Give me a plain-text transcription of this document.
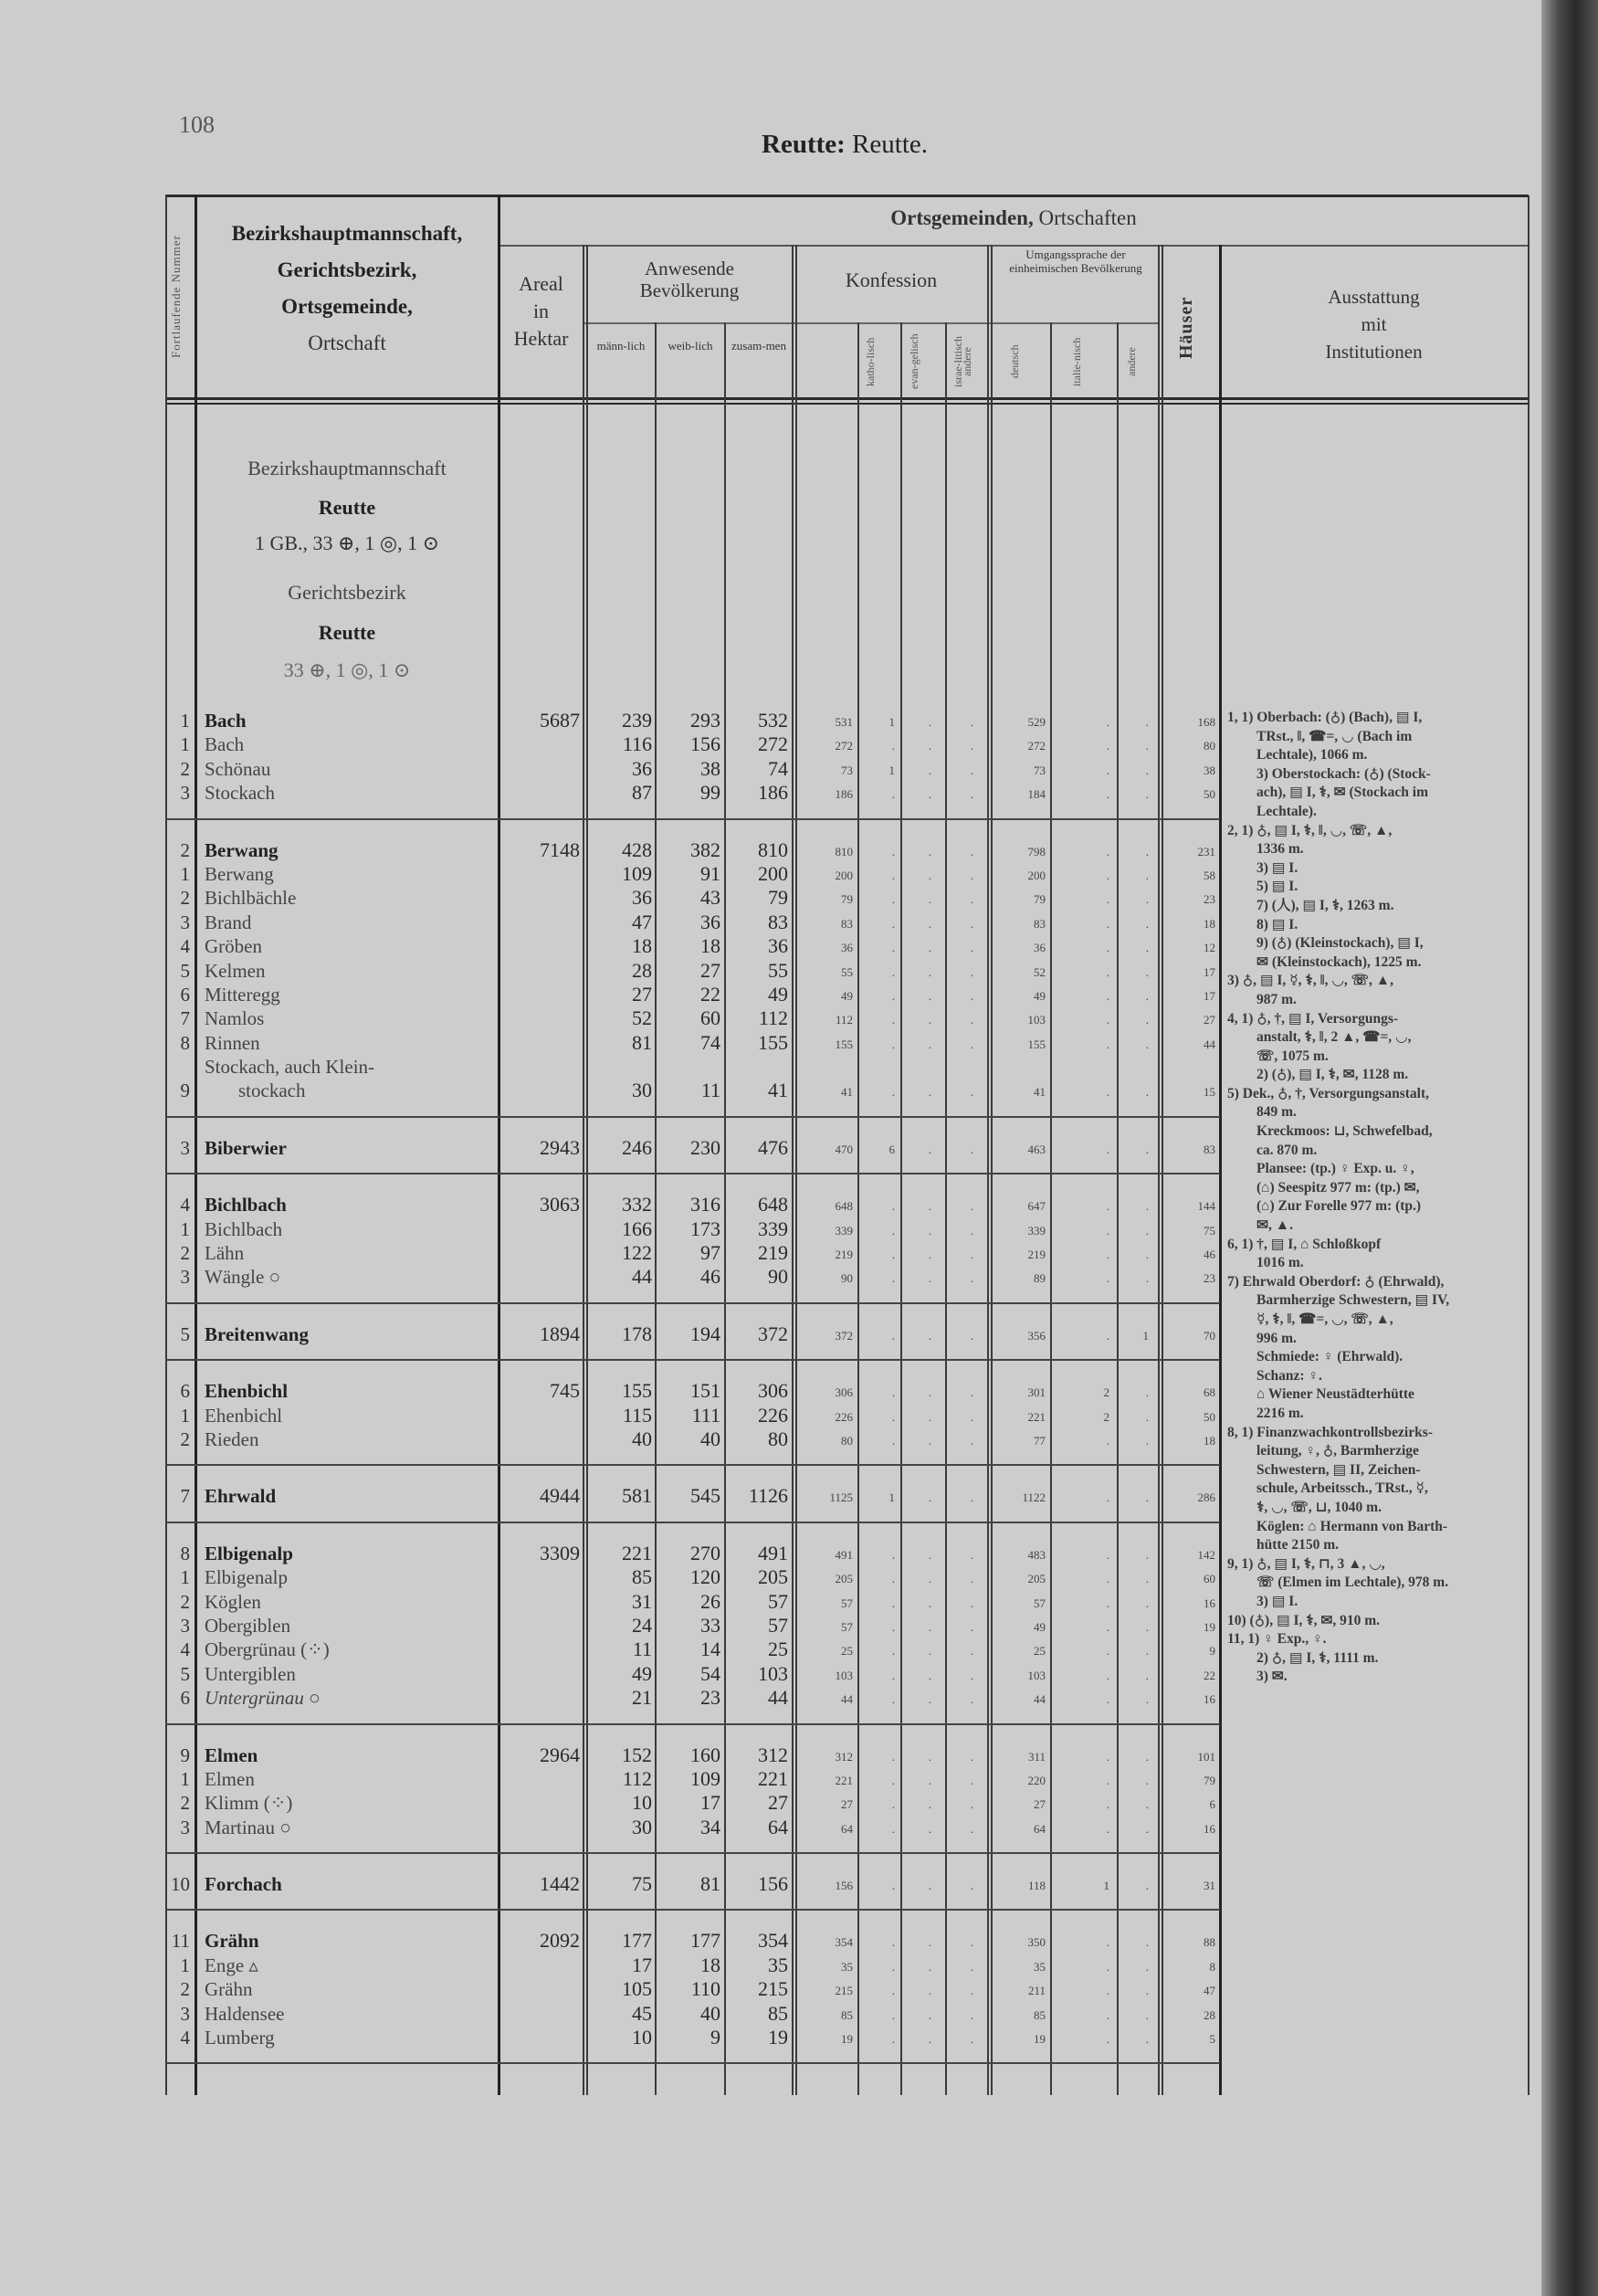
108
Reutte: Reutte.
Fortlaufende Nummer
Bezirkshauptmannschaft,
Gerichtsbezirk,
Ortsgemeinde,
Ortschaft
Ortsgemeinden, Ortschaften
Areal
in
Hektar
Anwesende Bevölkerung
männ-lich	weib-lich	zusam-men
Konfession
katho-lisch	evan-gelisch	israe-litisch
andere
Umgangssprache der einheimischen Bevölkerung
deutsch	italie-nisch	andere
Häuser	Ausstattung
mit
Institutionen
Bezirkshauptmannschaft
Reutte
1 GB., 33 ⊕, 1 ◎, 1 ⊙
Gerichtsbezirk
Reutte
33 ⊕, 1 ◎, 1 ⊙
1 Bach	5687	239	293	532	531	1	.	.	529	.	.	168
1 Bach	116	156	272	272	.	.	.	272	.	.	80
2 Schönau	36	38	74	73	1	.	.	73	.	.	38
3 Stockach	87	99	186	186	.	.	.	184	.	.	50
2 Berwang	7148	428	382	810	810	.	.	.	798	.	.	231
1 Berwang	109	91	200	200	.	.	.	200	.	.	58
2 Bichlbächle	36	43	79	79	.	.	.	79	.	.	23
3 Brand	47	36	83	83	.	.	.	83	.	.	18
4 Gröben	18	18	36	36	.	.	.	36	.	.	12
5 Kelmen	28	27	55	55	.	.	.	52	.	.	17
6 Mitteregg	27	22	49	49	.	.	.	49	.	.	17
7 Namlos	52	60	112	112	.	.	.	103	.	.	27
8 Rinnen	81	74	155	155	.	.	.	155	.	.	44
9
Stockach, auch Klein-
stockach	30	11	41	41	.	.	.	41	.	.	15
3 Biberwier	2943	246	230	476	470	6	.	.	463	.	.	83
4 Bichlbach	3063	332	316	648	648	.	.	.	647	.	.	144
1 Bichlbach	166	173	339	339	.	.	.	339	.	.	75
2 Lähn	122	97	219	219	.	.	.	219	.	.	46
3 Wängle ○	44	46	90	90	.	.	.	89	.	.	23
5 Breitenwang	1894	178	194	372	372	.	.	.	356	.	1	70
6 Ehenbichl	745	155	151	306	306	.	.	.	301	2	.	68
1 Ehenbichl	115	111	226	226	.	.	.	221	2	.	50
2 Rieden	40	40	80	80	.	.	.	77	.	.	18
7 Ehrwald	4944	581	545	1126	1125	1	.	.	1122	.	.	286
8 Elbigenalp	3309	221	270	491	491	.	.	.	483	.	.	142
1 Elbigenalp	85	120	205	205	.	.	.	205	.	.	60
2 Köglen	31	26	57	57	.	.	.	57	.	.	16
3 Obergiblen	24	33	57	57	.	.	.	49	.	.	19
4 Obergrünau (⁘)	11	14	25	25	.	.	.	25	.	.	9
5 Untergiblen	49	54	103	103	.	.	.	103	.	.	22
6 Untergrünau ○	21	23	44	44	.	.	.	44	.	.	16
9 Elmen	2964	152	160	312	312	.	.	.	311	.	.	101
1 Elmen	112	109	221	221	.	.	.	220	.	.	79
2 Klimm (⁘)	10	17	27	27	.	.	.	27	.	.	6
3 Martinau ○	30	34	64	64	.	.	.	64	.	.	16
10 Forchach	1442	75	81	156	156	.	.	.	118	1	.	31
11 Grähn	2092	177	177	354	354	.	.	.	350	.	.	88
1 Enge ▵	17	18	35	35	.	.	.	35	.	.	8
2 Grähn	105	110	215	215	.	.	.	211	.	.	47
3 Haldensee	45	40	85	85	.	.	.	85	.	.	28
4 Lumberg	10	9	19	19	.	.	.	19	.	.	5
1, 1) Oberbach: (♁) (Bach), ▤ I,
TRst., ‖, ☎=, ◡ (Bach im
Lechtale), 1066 m.
3) Oberstockach: (♁) (Stock-
ach), ▤ I, ⚕, ✉ (Stockach im
Lechtale).
2, 1) ♁, ▤ I, ⚕, ‖, ◡, ☏, ▲,
1336 m.
3) ▤ I.
5) ▤ I.
7) (人), ▤ I, ⚕, 1263 m.
8) ▤ I.
9) (♁) (Kleinstockach), ▤ I,
✉ (Kleinstockach), 1225 m.
3) ♁, ▤ I, ☿, ⚕, ‖, ◡, ☏, ▲,
987 m.
4, 1) ♁, †, ▤ I, Versorgungs-
anstalt, ⚕, ‖, 2 ▲, ☎=, ◡,
☏, 1075 m.
2) (♁), ▤ I, ⚕, ✉, 1128 m.
5) Dek., ♁, †, Versorgungsanstalt,
849 m.
Kreckmoos: ⊔, Schwefelbad,
ca. 870 m.
Plansee: (tp.) ♀ Exp. u. ♀,
(⌂) Seespitz 977 m: (tp.) ✉,
(⌂) Zur Forelle 977 m: (tp.)
✉, ▲.
6, 1) †, ▤ I, ⌂ Schloßkopf
1016 m.
7) Ehrwald Oberdorf: ♁ (Ehrwald),
Barmherzige Schwestern, ▤ IV,
☿, ⚕, ‖, ☎=, ◡, ☏, ▲,
996 m.
Schmiede: ♀ (Ehrwald).
Schanz: ♀.
⌂ Wiener Neustädterhütte
2216 m.
8, 1) Finanzwachkontrollsbezirks-
leitung, ♀, ♁, Barmherzige
Schwestern, ▤ II, Zeichen-
schule, Arbeitssch., TRst., ☿,
⚕, ◡, ☏, ⊔, 1040 m.
Köglen: ⌂ Hermann von Barth-
hütte 2150 m.
9, 1) ♁, ▤ I, ⚕, ⊓, 3 ▲, ◡,
☏ (Elmen im Lechtale), 978 m.
3) ▤ I.
10) (♁), ▤ I, ⚕, ✉, 910 m.
11, 1) ♀ Exp., ♀.
2) ♁, ▤ I, ⚕, 1111 m.
3) ✉.
